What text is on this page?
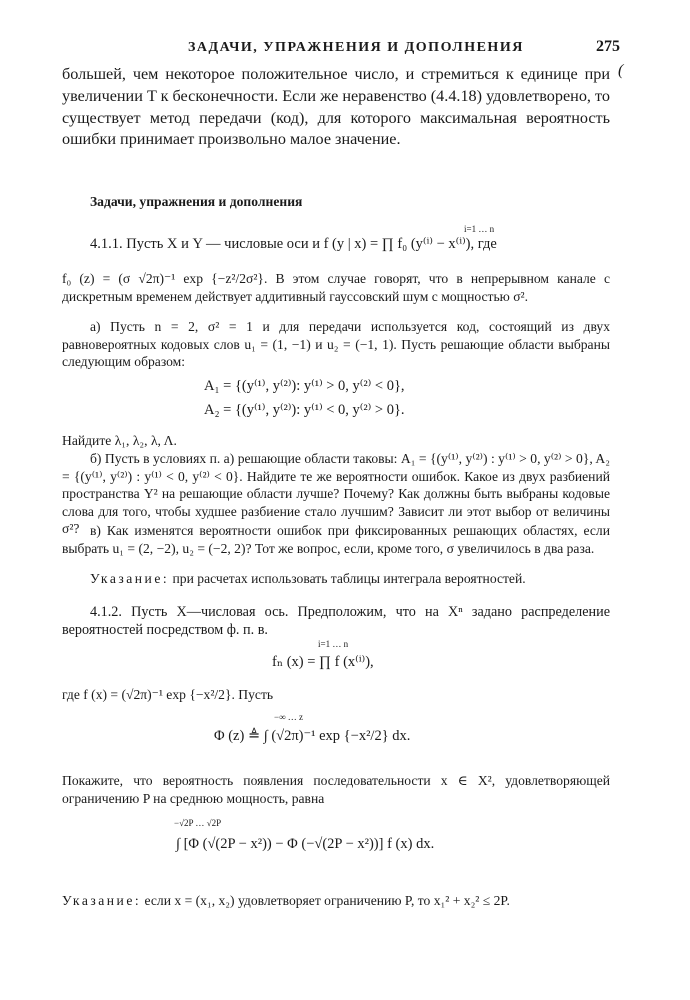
ЗАДАЧИ, УПРАЖНЕНИЯ И ДОПОЛНЕНИЯ	275
(

большей, чем некоторое положительное число, и стремиться к единице при увеличении T к бесконечности. Если же неравенство (4.4.18) удовлетворено, то существует метод передачи (код), для которого максимальная вероятность ошибки принимает произвольно малое значение.

Задачи, упражнения и дополнения

4.1.1. Пусть X и Y — числовые оси и f (y | x) = ∏ f₀ (y⁽ⁱ⁾ − x⁽ⁱ⁾), где

i=1 … n

f₀ (z) = (σ √2π)⁻¹ exp {−z²/2σ²}. В этом случае говорят, что в непрерывном канале с дискретным временем действует аддитивный гауссовский шум с мощностью σ².

а) Пусть n = 2, σ² = 1 и для передачи используется код, состоящий из двух равновероятных кодовых слов u₁ = (1, −1) и u₂ = (−1, 1). Пусть решающие области выбраны следующим образом:

A₁ = {(y⁽¹⁾, y⁽²⁾): y⁽¹⁾ > 0, y⁽²⁾ < 0},
A₂ = {(y⁽¹⁾, y⁽²⁾): y⁽¹⁾ < 0, y⁽²⁾ > 0}.

Найдите λ₁, λ₂, λ, Λ.

б) Пусть в условиях п. а) решающие области таковы: A₁ = {(y⁽¹⁾, y⁽²⁾) : y⁽¹⁾ > 0, y⁽²⁾ > 0}, A₂ = {(y⁽¹⁾, y⁽²⁾) : y⁽¹⁾ < 0, y⁽²⁾ < 0}. Найдите те же вероятности ошибок. Какое из двух разбиений пространства Y² на решающие области лучше? Почему? Как должны быть выбраны кодовые слова для того, чтобы худшее разбиение стало лучшим? Зависит ли этот выбор от величины σ²? в) Как изменятся вероятности ошибок при фиксированных решающих областях, если выбрать u₁ = (2, −2), u₂ = (−2, 2)? Тот же вопрос, если, кроме того, σ увеличилось в два раза.

Указание: при расчетах использовать таблицы интеграла вероятностей.

4.1.2. Пусть X—числовая ось. Предположим, что на Xⁿ задано распределение вероятностей посредством ф. п. в.

i=1 … n
fₙ (x) = ∏ f (x⁽ⁱ⁾),

где f (x) = (√2π)⁻¹ exp {−x²/2}. Пусть

−∞ … z
Φ (z) ≜ ∫ (√2π)⁻¹ exp {−x²/2} dx.

Покажите, что вероятность появления последовательности x ∈ X², удовлетворяющей ограничению P на среднюю мощность, равна

−√2P … √2P
∫ [Φ (√(2P − x²)) − Φ (−√(2P − x²))] f (x) dx.

Указание: если x = (x₁, x₂) удовлетворяет ограничению P, то x₁² + x₂² ≤ 2P.
